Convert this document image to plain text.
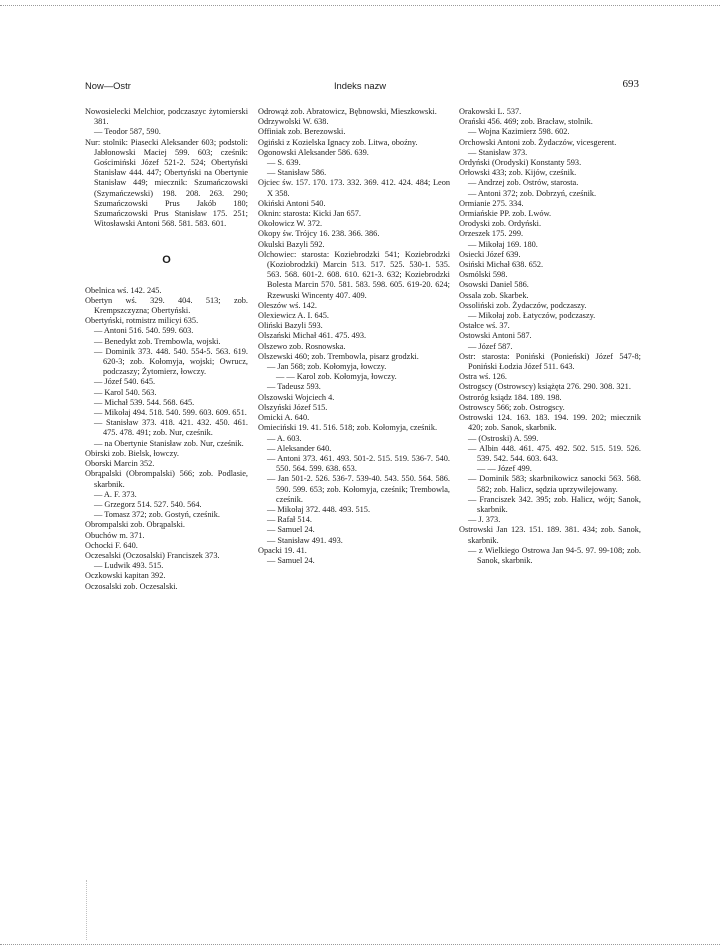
Now—Ostr	Indeks nazw	693

Nowosielecki Melchior, podczaszyc żytomierski 381.

— Teodor 587, 590.

Nur: stolnik: Piasecki Aleksander 603; podstoli: Jabłonowski Maciej 599. 603; cześnik: Gościmiński Józef 521-2. 524; Obertyński Stanisław 444. 447; Obertyński na Obertynie Stanisław 449; miecznik: Szumańczowski (Szymańczewski) 198. 208. 263. 290; Szumańczowski Prus Jakób 180; Szumańczowski Prus Stanisław 175. 251; Witosławski Antoni 568. 581. 583. 601.

O

Obelnica wś. 142. 245.

Obertyn wś. 329. 404. 513; zob. Krempszczyzna; Obertyński.

Obertyński, rotmistrz milicyi 635.

— Antoni 516. 540. 599. 603.

— Benedykt zob. Trembowla, wojski.

— Dominik 373. 448. 540. 554-5. 563. 619. 620-3; zob. Kołomyja, wojski; Owrucz, podczaszy; Żytomierz, łowczy.

— Józef 540. 645.

— Karol 540. 563.

— Michał 539. 544. 568. 645.

— Mikołaj 494. 518. 540. 599. 603. 609. 651.

— Stanisław 373. 418. 421. 432. 450. 461. 475. 478. 491; zob. Nur, cześnik.

— na Obertynie Stanisław zob. Nur, cześnik.

Obirski zob. Bielsk, łowczy.

Oborski Marcin 352.

Obrąpalski (Obrompalski) 566; zob. Podlasie, skarbnik.

— A. F. 373.

— Grzegorz 514. 527. 540. 564.

— Tomasz 372; zob. Gostyń, cześnik.

Obrompalski zob. Obrąpalski.

Obuchów m. 371.

Ochocki F. 640.

Oczesalski (Oczosalski) Franciszek 373.

— Ludwik 493. 515.

Oczkowski kapitan 392.

Oczosalski zob. Oczesalski.

Odrowąż zob. Abratowicz, Bębnowski, Mieszkowski.

Odrzywolski W. 638.

Offiniak zob. Berezowski.

Ogiński z Kozielska Ignacy zob. Litwa, oboźny.

Ogonowski Aleksander 586. 639.

— S. 639.

— Stanisław 586.

Ojciec św. 157. 170. 173. 332. 369. 412. 424. 484; Leon X 358.

Okiński Antoni 540.

Oknin: starosta: Kicki Jan 657.

Okołowicz W. 372.

Okopy św. Trójcy 16. 238. 366. 386.

Okulski Bazyli 592.

Olchowiec: starosta: Koziebrodzki 541; Koziebrodzki (Koziobrodzki) Marcin 513. 517. 525. 530-1. 535. 563. 568. 601-2. 608. 610. 621-3. 632; Koziebrodzki Bolesta Marcin 570. 581. 583. 598. 605. 619-20. 624; Rzewuski Wincenty 407. 409.

Oleszów wś. 142.

Olexiewicz A. I. 645.

Oliński Bazyli 593.

Olszański Michał 461. 475. 493.

Olszewo zob. Rosnowska.

Olszewski 460; zob. Trembowla, pisarz grodzki.

— Jan 568; zob. Kołomyja, łowczy.

— — Karol zob. Kołomyja, łowczy.

— Tadeusz 593.

Olszowski Wojciech 4.

Olszyński Józef 515.

Omicki A. 640.

Omieciński 19. 41. 516. 518; zob. Kołomyja, cześnik.

— A. 603.

— Aleksander 640.

— Antoni 373. 461. 493. 501-2. 515. 519. 536-7. 540. 550. 564. 599. 638. 653.

— Jan 501-2. 526. 536-7. 539-40. 543. 550. 564. 586. 590. 599. 653; zob. Kołomyja, cześnik; Trembowla, cześnik.

— Mikołaj 372. 448. 493. 515.

— Rafał 514.

— Samuel 24.

— Stanisław 491. 493.

Opacki 19. 41.

— Samuel 24.

Orakowski L. 537.

Orański 456. 469; zob. Bracław, stolnik.

— Wojna Kazimierz 598. 602.

Orchowski Antoni zob. Żydaczów, vicesgerent.

— Stanisław 373.

Ordyński (Orodyski) Konstanty 593.

Orłowski 433; zob. Kijów, cześnik.

— Andrzej zob. Ostrów, starosta.

— Antoni 372; zob. Dobrzyń, cześnik.

Ormianie 275. 334.

Ormiańskie PP. zob. Lwów.

Orodyski zob. Ordyński.

Orzeszek 175. 299.

— Mikołaj 169. 180.

Osiecki Józef 639.

Osiński Michał 638. 652.

Osmólski 598.

Osowski Daniel 586.

Ossala zob. Skarbek.

Ossoliński zob. Żydaczów, podczaszy.

— Mikołaj zob. Łatyczów, podczaszy.

Ostałce wś. 37.

Ostowski Antoni 587.

— Józef 587.

Ostr: starosta: Poniński (Ponieński) Józef 547-8; Poniński Łodzia Józef 511. 643.

Ostra wś. 126.

Ostrogscy (Ostrowscy) książęta 276. 290. 308. 321.

Ostroróg ksiądz 184. 189. 198.

Ostrowscy 566; zob. Ostrogscy.

Ostrowski 124. 163. 183. 194. 199. 202; miecznik 420; zob. Sanok, skarbnik.

— (Ostroski) A. 599.

— Albin 448. 461. 475. 492. 502. 515. 519. 526. 539. 542. 544. 603. 643.

— — Józef 499.

— Dominik 583; skarbnikowicz sanocki 563. 568. 582; zob. Halicz, sędzia uprzywilejowany.

— Franciszek 342. 395; zob. Halicz, wójt; Sanok, skarbnik.

— J. 373.

Ostrowski Jan 123. 151. 189. 381. 434; zob. Sanok, skarbnik.

— z Wielkiego Ostrowa Jan 94-5. 97. 99-108; zob. Sanok, skarbnik.
